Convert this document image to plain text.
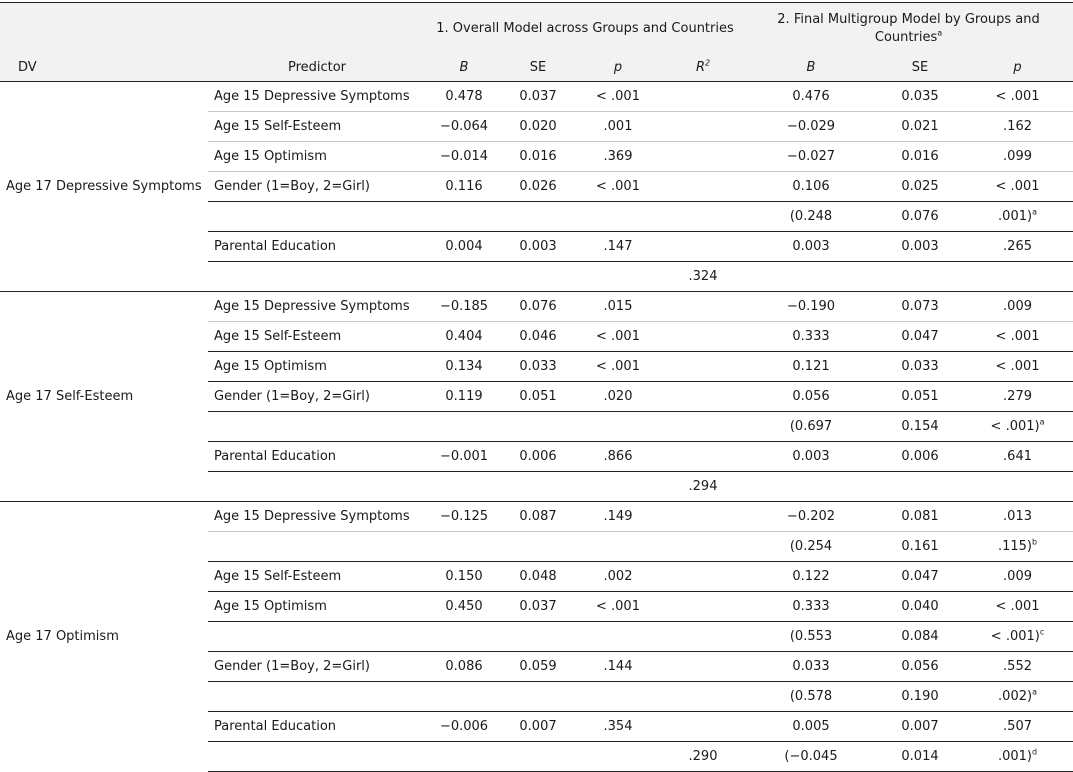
		1. Overall Model across Groups and Countries				2. Final Multigroup Model by Groups and Countries$^a$
DV	Predictor	B	SE	p	$R^2$	B	SE	p
Age 17 Depressive Symptoms	Age 15 Depressive Symptoms	0.478	0.037	< .001		0.476	0.035	< .001
	Age 15 Self-Esteem	−0.064	0.020	.001		−0.029	0.021	.162
	Age 15 Optimism	−0.014	0.016	.369		−0.027	0.016	.099
	Gender (1=Boy, 2=Girl)	0.116	0.026	< .001		0.106	0.025	< .001
						(0.248	0.076	.001)$^a$
	Parental Education	0.004	0.003	.147		0.003	0.003	.265
					.324			
Age 17 Self-Esteem	Age 15 Depressive Symptoms	−0.185	0.076	.015		−0.190	0.073	.009
	Age 15 Self-Esteem	0.404	0.046	< .001		0.333	0.047	< .001
	Age 15 Optimism	0.134	0.033	< .001		0.121	0.033	< .001
	Gender (1=Boy, 2=Girl)	0.119	0.051	.020		0.056	0.051	.279
						(0.697	0.154	< .001)$^a$
	Parental Education	−0.001	0.006	.866		0.003	0.006	.641
					.294			
Age 17 Optimism	Age 15 Depressive Symptoms	−0.125	0.087	.149		−0.202	0.081	.013
						(0.254	0.161	.115)$^b$
	Age 15 Self-Esteem	0.150	0.048	.002		0.122	0.047	.009
	Age 15 Optimism	0.450	0.037	< .001		0.333	0.040	< .001
						(0.553	0.084	< .001)$^c$
	Gender (1=Boy, 2=Girl)	0.086	0.059	.144		0.033	0.056	.552
						(0.578	0.190	.002)$^a$
	Parental Education	−0.006	0.007	.354		0.005	0.007	.507
					.290	(−0.045	0.014	.001)$^d$
